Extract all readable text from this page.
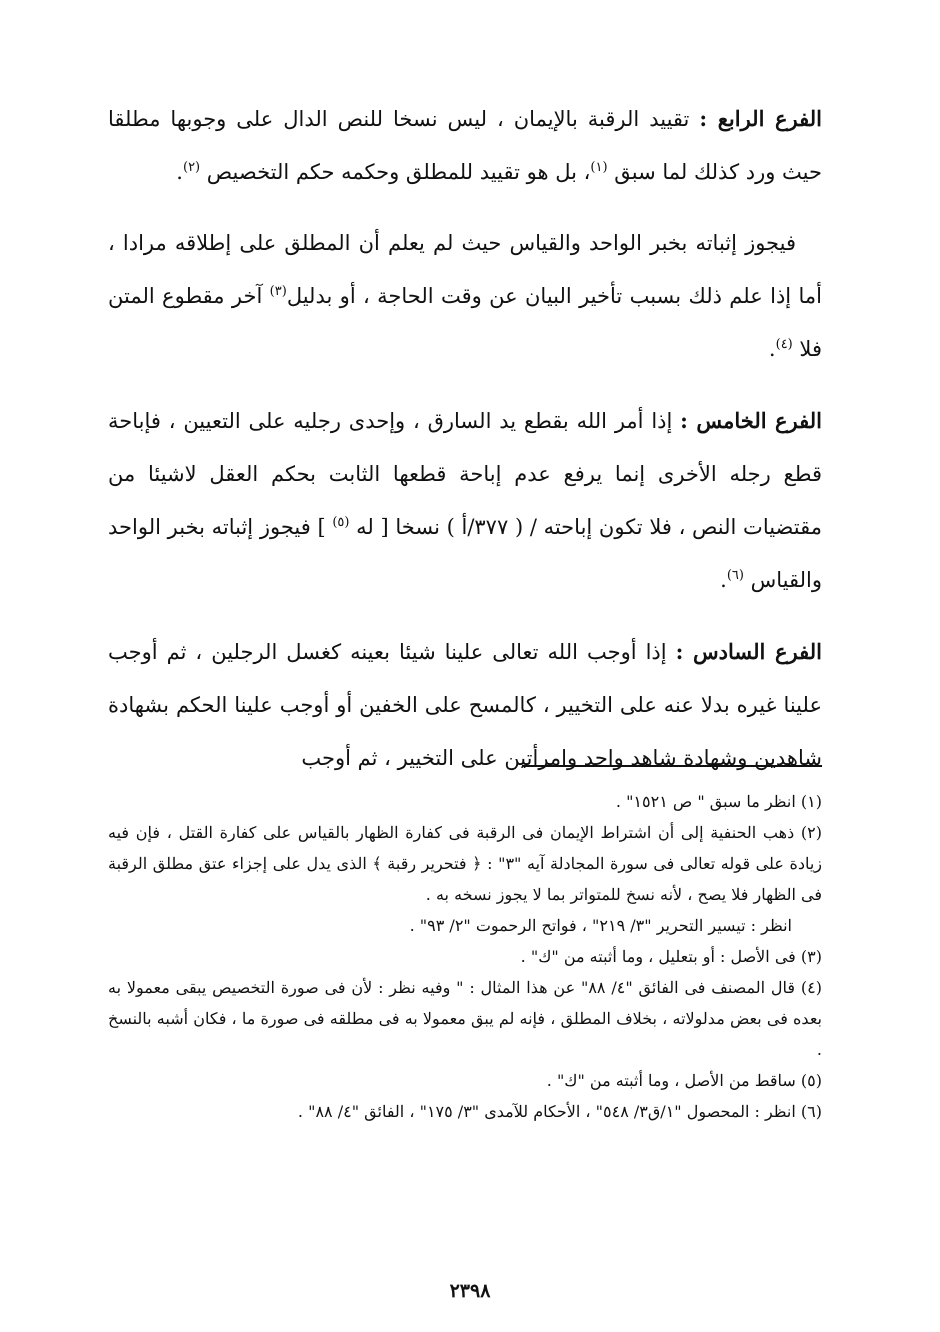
الفرع الرابع : تقييد الرقبة بالإيمان ، ليس نسخا للنص الدال على وجوبها مطلقا حيث ورد كذلك لما سبق $^{(١)}$، بل هو تقييد للمطلق وحكمه حكم التخصيص $^{(٢)}$.

فيجوز إثباته بخبر الواحد والقياس حيث لم يعلم أن المطلق على إطلاقه مرادا ، أما إذا علم ذلك بسبب تأخير البيان عن وقت الحاجة ، أو بدليل$^{(٣)}$ آخر مقطوع المتن فلا $^{(٤)}$.

الفرع الخامس : إذا أمر الله بقطع يد السارق ، وإحدى رجليه على التعيين ، فإباحة قطع رجله الأخرى إنما يرفع عدم إباحة قطعها الثابت بحكم العقل لاشيئا من مقتضيات النص ، فلا تكون إباحته / ( ٣٧٧/أ ) نسخا [ له $^{(٥)}$ ] فيجوز إثباته بخبر الواحد والقياس $^{(٦)}$.

الفرع السادس : إذا أوجب الله تعالى علينا شيئا بعينه كغسل الرجلين ، ثم أوجب علينا غيره بدلا عنه على التخيير ، كالمسح على الخفين أو أوجب علينا الحكم بشهادة شاهدين وشهادة شاهد واحد وامرأتين على التخيير ، ثم أوجب

(١) انظر ما سبق " ص ١٥٢١" .

(٢) ذهب الحنفية إلى أن اشتراط الإيمان فى الرقبة فى كفارة الظهار بالقياس على كفارة القتل ، فإن فيه زيادة على قوله تعالى فى سورة المجادلة آيه "٣" : ﴿ فتحرير رقبة ﴾ الذى يدل على إجزاء عتق مطلق الرقبة فى الظهار فلا يصح ، لأنه نسخ للمتواتر بما لا يجوز نسخه به .

انظر : تيسير التحرير "٣/ ٢١٩" ، فواتح الرحموت "٢/ ٩٣" .

(٣) فى الأصل : أو بتعليل ، وما أثبته من "ك" .

(٤) قال المصنف فى الفائق "٤/ ٨٨" عن هذا المثال : " وفيه نظر : لأن فى صورة التخصيص يبقى معمولا به بعده فى بعض مدلولاته ، بخلاف المطلق ، فإنه لم يبق معمولا به فى مطلقه فى صورة ما ، فكان أشبه بالنسخ .

(٥) ساقط من الأصل ، وما أثبته من "ك" .

(٦) انظر : المحصول "١/ق٣/ ٥٤٨" ، الأحكام للآمدى "٣/ ١٧٥" ، الفائق "٤/ ٨٨" .

٢٣٩٨
